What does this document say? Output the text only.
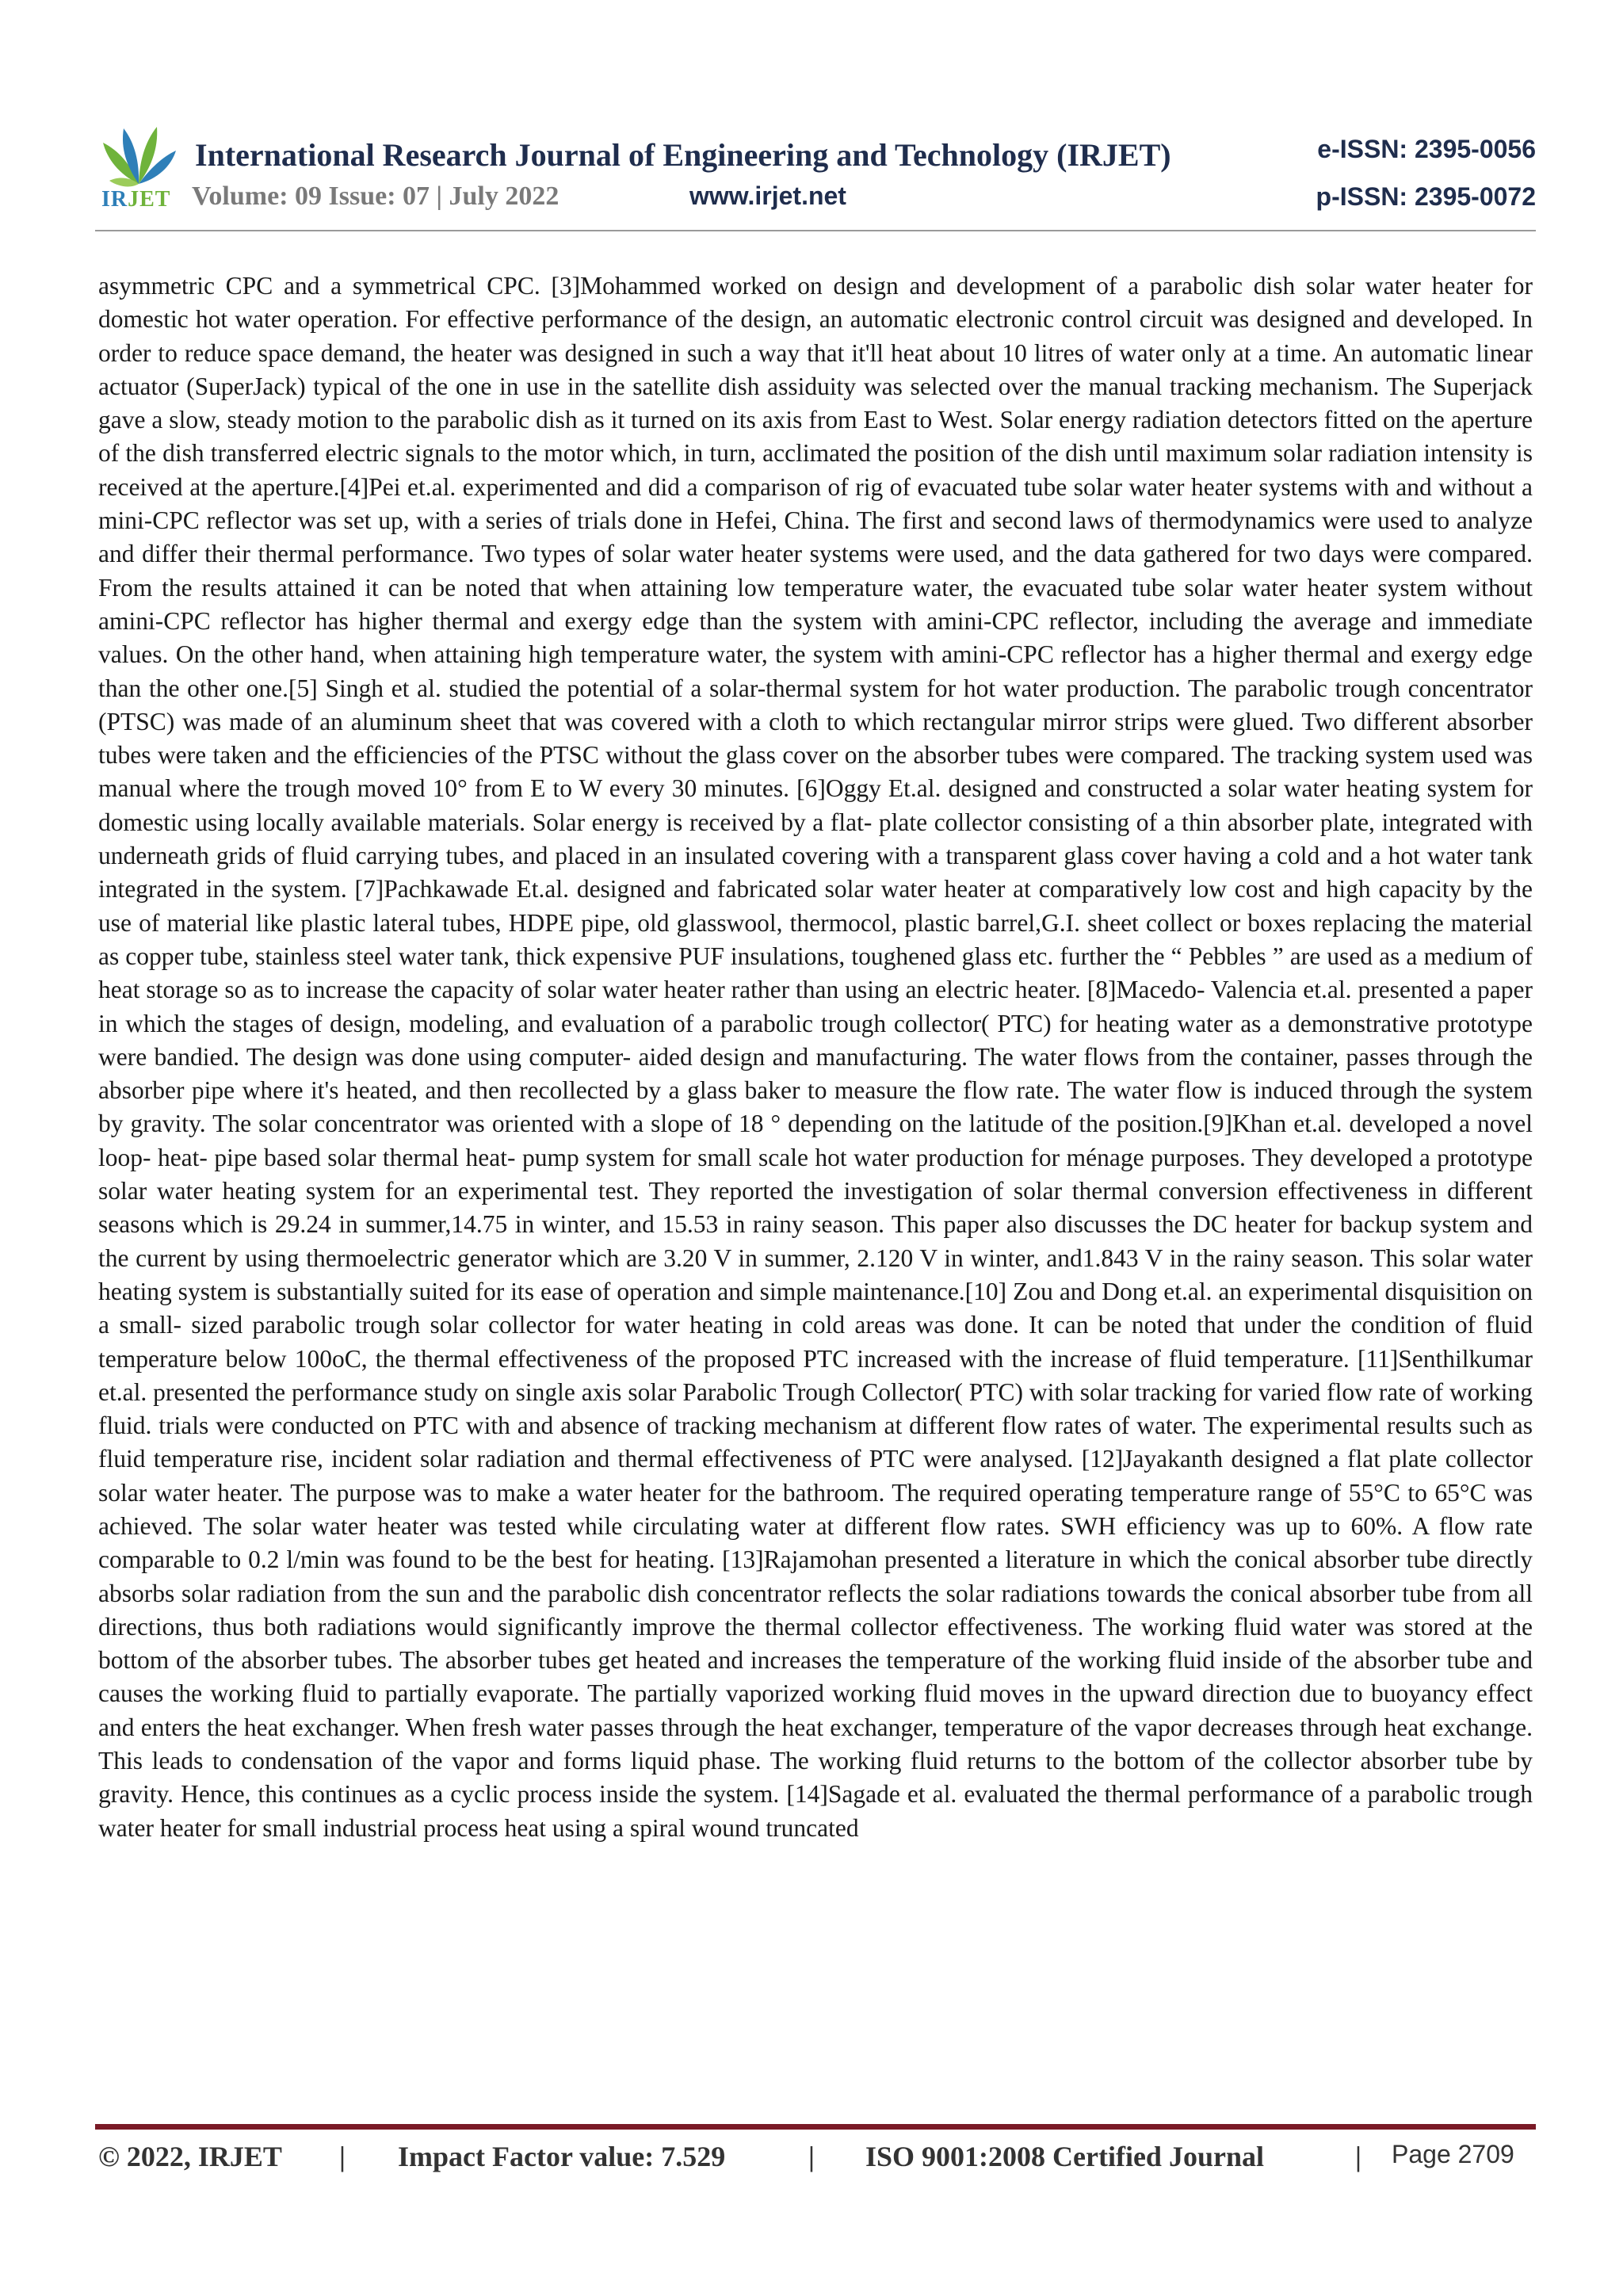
IRJET
International Research Journal of Engineering and Technology (IRJET)
Volume: 09 Issue: 07 | July 2022	www.irjet.net
e-ISSN: 2395-0056
p-ISSN: 2395-0072

asymmetric CPC and a symmetrical CPC. [3]Mohammed worked on design and development of a parabolic dish solar water heater for domestic hot water operation. For effective performance of the design, an automatic electronic control circuit was designed and developed. In order to reduce space demand, the heater was designed in such a way that it'll heat about 10 litres of water only at a time. An automatic linear actuator (SuperJack) typical of the one in use in the satellite dish assiduity was selected over the manual tracking mechanism. The Superjack gave a slow, steady motion to the parabolic dish as it turned on its axis from East to West. Solar energy radiation detectors fitted on the aperture of the dish transferred electric signals to the motor which, in turn, acclimated the position of the dish until maximum solar radiation intensity is received at the aperture.[4]Pei et.al. experimented and did a comparison of rig of evacuated tube solar water heater systems with and without a mini-CPC reflector was set up, with a series of trials done in Hefei, China. The first and second laws of thermodynamics were used to analyze and differ their thermal performance. Two types of solar water heater systems were used, and the data gathered for two days were compared. From the results attained it can be noted that when attaining low temperature water, the evacuated tube solar water heater system without amini-CPC reflector has higher thermal and exergy edge than the system with amini-CPC reflector, including the average and immediate values. On the other hand, when attaining high temperature water, the system with amini-CPC reflector has a higher thermal and exergy edge than the other one.[5] Singh et al. studied the potential of a solar-thermal system for hot water production. The parabolic trough concentrator (PTSC) was made of an aluminum sheet that was covered with a cloth to which rectangular mirror strips were glued. Two different absorber tubes were taken and the efficiencies of the PTSC without the glass cover on the absorber tubes were compared. The tracking system used was manual where the trough moved 10° from E to W every 30 minutes. [6]Oggy Et.al. designed and constructed a solar water heating system for domestic using locally available materials. Solar energy is received by a flat- plate collector consisting of a thin absorber plate, integrated with underneath grids of fluid carrying tubes, and placed in an insulated covering with a transparent glass cover having a cold and a hot water tank integrated in the system. [7]Pachkawade Et.al. designed and fabricated solar water heater at comparatively low cost and high capacity by the use of material like plastic lateral tubes, HDPE pipe, old glasswool, thermocol, plastic barrel,G.I. sheet collect or boxes replacing the material as copper tube, stainless steel water tank, thick expensive PUF insulations, toughened glass etc. further the “ Pebbles ” are used as a medium of heat storage so as to increase the capacity of solar water heater rather than using an electric heater. [8]Macedo- Valencia et.al. presented a paper in which the stages of design, modeling, and evaluation of a parabolic trough collector( PTC) for heating water as a demonstrative prototype were bandied. The design was done using computer- aided design and manufacturing. The water flows from the container, passes through the absorber pipe where it's heated, and then recollected by a glass baker to measure the flow rate. The water flow is induced through the system by gravity. The solar concentrator was oriented with a slope of 18 ° depending on the latitude of the position.[9]Khan et.al. developed a novel loop- heat- pipe based solar thermal heat- pump system for small scale hot water production for ménage purposes. They developed a prototype solar water heating system for an experimental test. They reported the investigation of solar thermal conversion effectiveness in different seasons which is 29.24 in summer,14.75 in winter, and 15.53 in rainy season. This paper also discusses the DC heater for backup system and the current by using thermoelectric generator which are 3.20 V in summer, 2.120 V in winter, and1.843 V in the rainy season. This solar water heating system is substantially suited for its ease of operation and simple maintenance.[10] Zou and Dong et.al. an experimental disquisition on a small- sized parabolic trough solar collector for water heating in cold areas was done. It can be noted that under the condition of fluid temperature below 100oC, the thermal effectiveness of the proposed PTC increased with the increase of fluid temperature. [11]Senthilkumar et.al. presented the performance study on single axis solar Parabolic Trough Collector( PTC) with solar tracking for varied flow rate of working fluid. trials were conducted on PTC with and absence of tracking mechanism at different flow rates of water. The experimental results such as fluid temperature rise, incident solar radiation and thermal effectiveness of PTC were analysed. [12]Jayakanth designed a flat plate collector solar water heater. The purpose was to make a water heater for the bathroom. The required operating temperature range of 55°C to 65°C was achieved. The solar water heater was tested while circulating water at different flow rates. SWH efficiency was up to 60%. A flow rate comparable to 0.2 l/min was found to be the best for heating. [13]Rajamohan presented a literature in which the conical absorber tube directly absorbs solar radiation from the sun and the parabolic dish concentrator reflects the solar radiations towards the conical absorber tube from all directions, thus both radiations would significantly improve the thermal collector effectiveness. The working fluid water was stored at the bottom of the absorber tubes. The absorber tubes get heated and increases the temperature of the working fluid inside of the absorber tube and causes the working fluid to partially evaporate. The partially vaporized working fluid moves in the upward direction due to buoyancy effect and enters the heat exchanger. When fresh water passes through the heat exchanger, temperature of the vapor decreases through heat exchange. This leads to condensation of the vapor and forms liquid phase. The working fluid returns to the bottom of the collector absorber tube by gravity. Hence, this continues as a cyclic process inside the system. [14]Sagade et al. evaluated the thermal performance of a parabolic trough water heater for small industrial process heat using a spiral wound truncated

© 2022, IRJET | Impact Factor value: 7.529	| ISO 9001:2008 Certified Journal	| Page 2709
